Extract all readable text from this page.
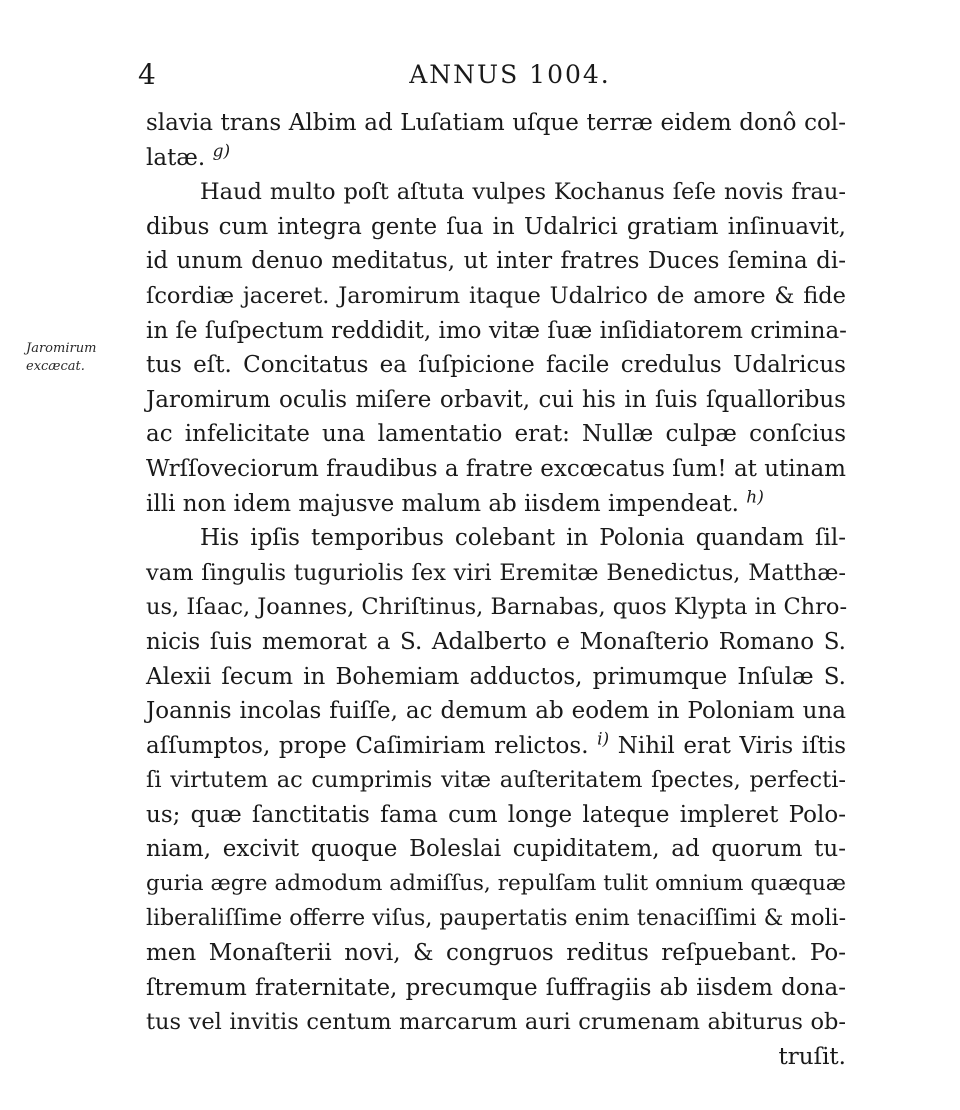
4	ANNUS 1004.
Jaromirum
excæcat.
slavia trans Albim ad Luſatiam uſque terræ eidem donô col-
latæ. $^{g)}$
Haud multo poſt aſtuta vulpes Kochanus ſeſe novis frau-
dibus cum integra gente ſua in Udalrici gratiam inſinuavit,
id unum denuo meditatus, ut inter fratres Duces ſemina di-
ſcordiæ jaceret. Jaromirum itaque Udalrico de amore & fide
in ſe ſuſpectum reddidit, imo vitæ ſuæ inſidiatorem crimina-
tus eſt. Concitatus ea ſuſpicione facile credulus Udalricus
Jaromirum oculis miſere orbavit, cui his in ſuis ſqualloribus
ac infelicitate una lamentatio erat: Nullæ culpæ conſcius
Wrſſoveciorum fraudibus a fratre excœcatus ſum! at utinam
illi non idem majusve malum ab iisdem impendeat. $^{h)}$
His ipſis temporibus colebant in Polonia quandam ſil-
vam ſingulis tuguriolis ſex viri Eremitæ Benedictus, Matthæ-
us, Iſaac, Joannes, Chriſtinus, Barnabas, quos Klypta in Chro-
nicis ſuis memorat a S. Adalberto e Monaſterio Romano S.
Alexii ſecum in Bohemiam adductos, primumque Inſulæ S.
Joannis incolas fuiſſe, ac demum ab eodem in Poloniam una
aſſumptos, prope Caſimiriam relictos. $^{i)}$ Nihil erat Viris iſtis
ſi virtutem ac cumprimis vitæ auſteritatem ſpectes, perfecti-
us; quæ ſanctitatis fama cum longe lateque impleret Polo-
niam, excivit quoque Boleslai cupiditatem, ad quorum tu-
guria ægre admodum admiſſus, repulſam tulit omnium quæquæ
liberaliſſime offerre viſus, paupertatis enim tenaciſſimi & moli-
men Monaſterii novi, & congruos reditus reſpuebant. Po-
ſtremum fraternitate, precumque ſuffragiis ab iisdem dona-
tus vel invitis centum marcarum auri crumenam abiturus ob-
truſit.
